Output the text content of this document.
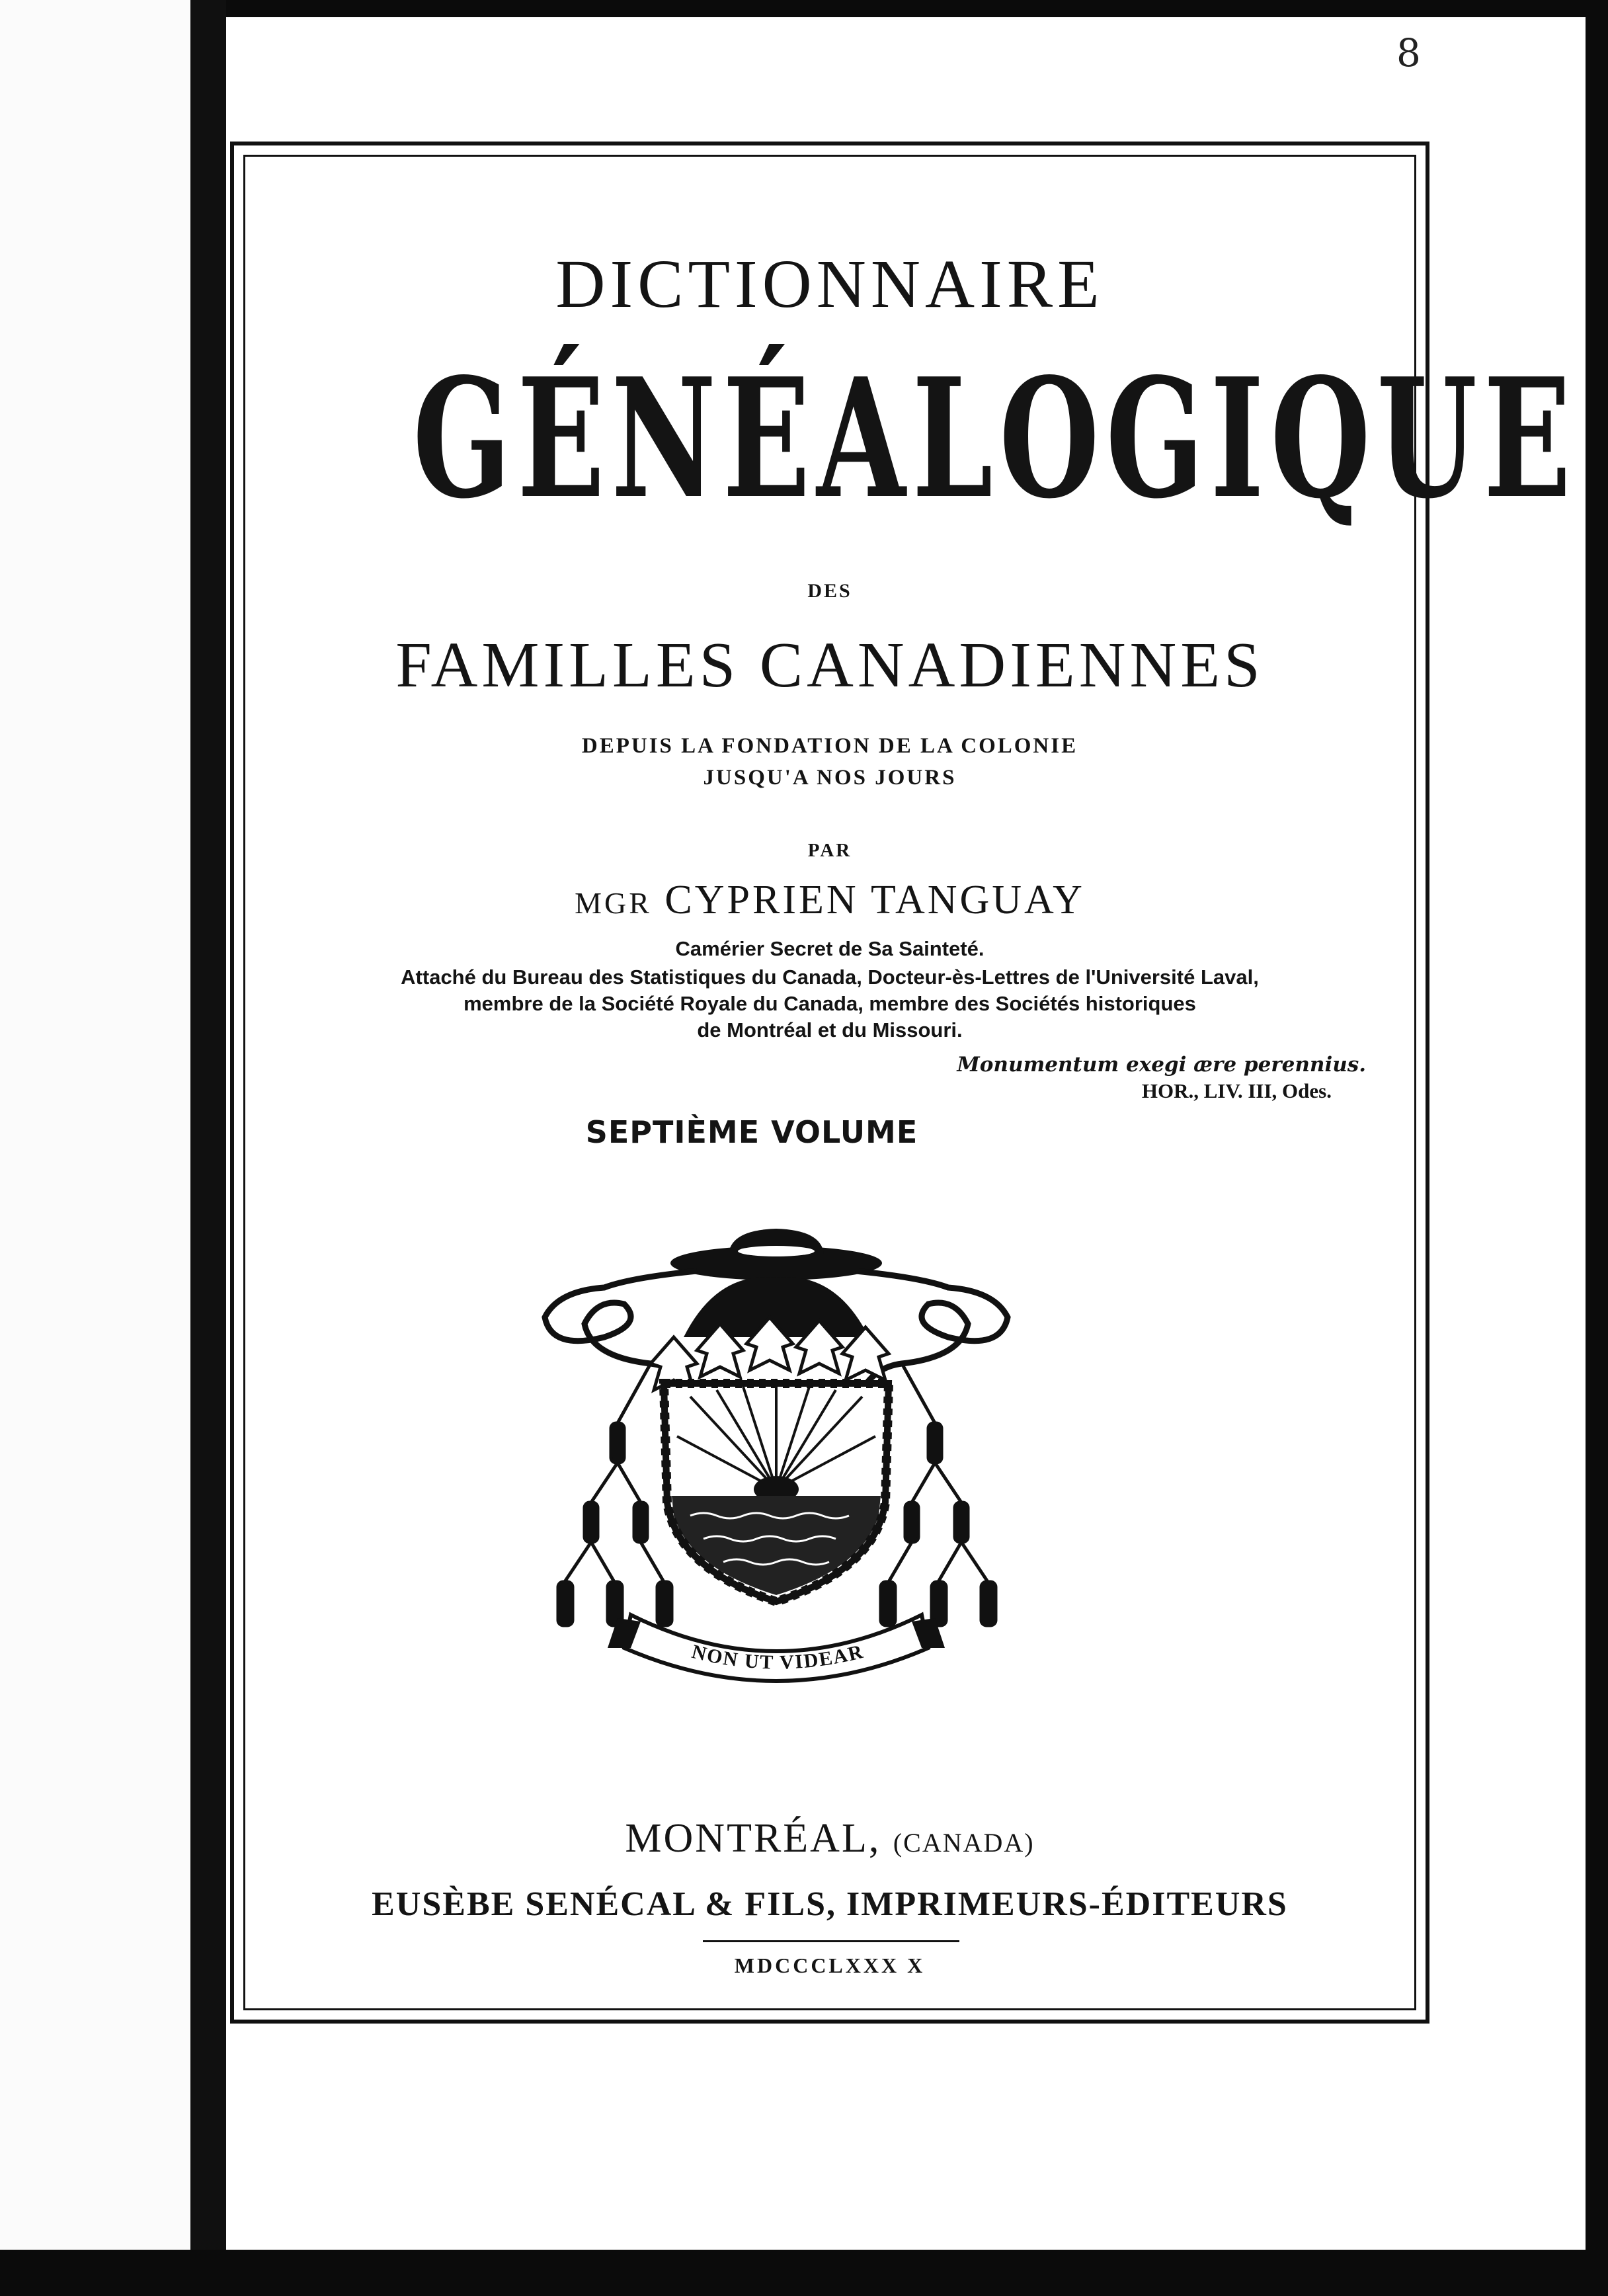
8
DICTIONNAIRE
GÉNÉALOGIQUE
DES
FAMILLES CANADIENNES
DEPUIS LA FONDATION DE LA COLONIE
JUSQU'A NOS JOURS
PAR
MGR CYPRIEN TANGUAY
Camérier Secret de Sa Sainteté.
Attaché du Bureau des Statistiques du Canada, Docteur-ès-Lettres de l'Université Laval,
membre de la Société Royale du Canada, membre des Sociétés historiques
de Montréal et du Missouri.
Monumentum exegi ære perennius.
HOR., LIV. III, Odes.
SEPTIÈME VOLUME
NON UT VIDEAR
MONTRÉAL, (CANADA)
EUSÈBE SENÉCAL & FILS, IMPRIMEURS-ÉDITEURS
MDCCCLXXX X
